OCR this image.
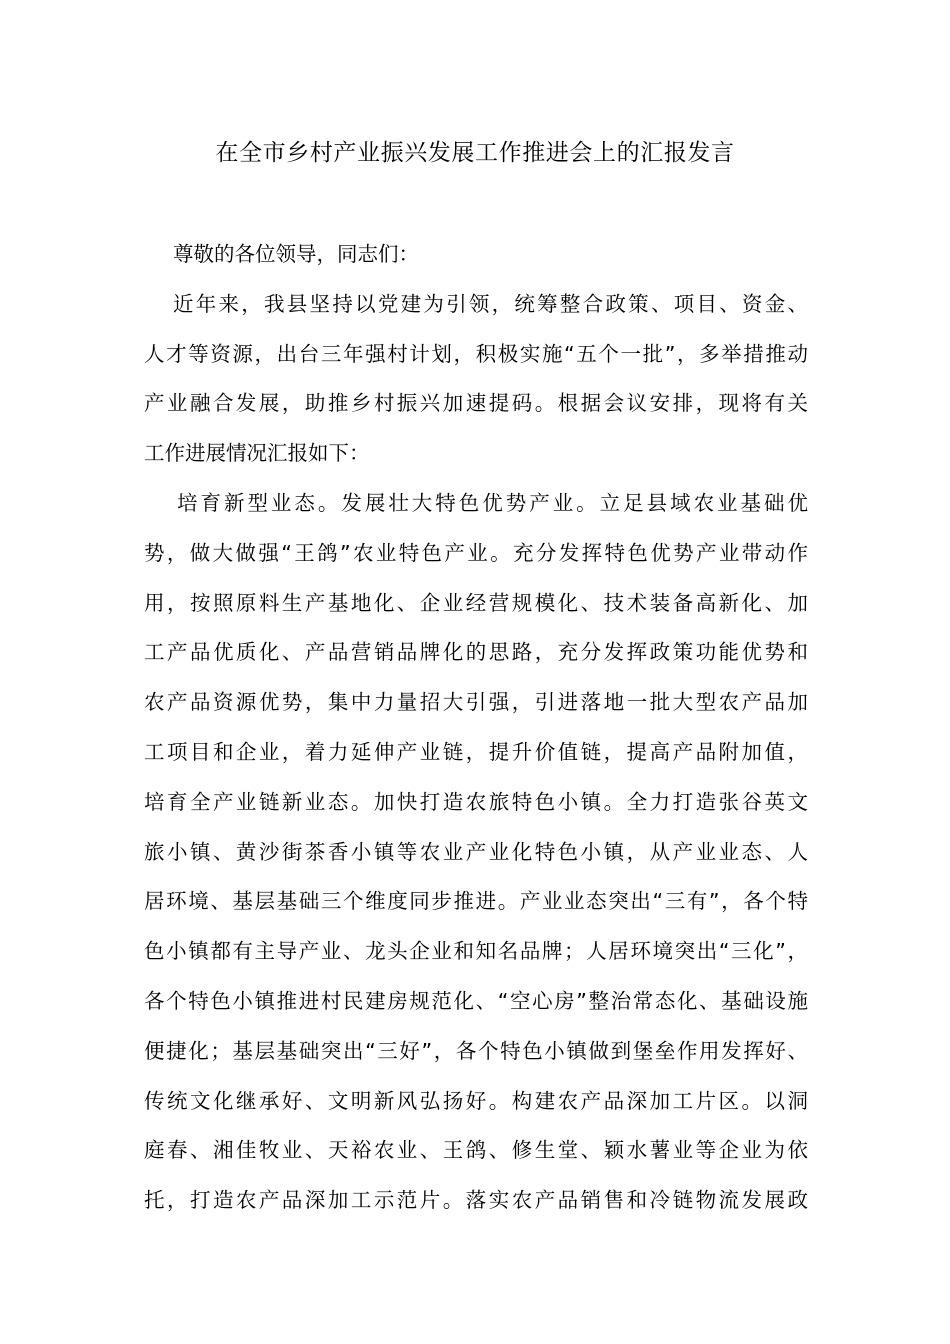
在全市乡村产业振兴发展工作推进会上的汇报发言
尊敬的各位领导，同志们：
近年来，我县坚持以党建为引领，统筹整合政策、项目、资金、
人才等资源，出台三年强村计划，积极实施“五个一批”，多举措推动
产业融合发展，助推乡村振兴加速提码。根据会议安排，现将有关
工作进展情况汇报如下：
培育新型业态。发展壮大特色优势产业。立足县域农业基础优
势，做大做强“王鸽”农业特色产业。充分发挥特色优势产业带动作
用，按照原料生产基地化、企业经营规模化、技术装备高新化、加
工产品优质化、产品营销品牌化的思路，充分发挥政策功能优势和
农产品资源优势，集中力量招大引强，引进落地一批大型农产品加
工项目和企业，着力延伸产业链，提升价值链，提高产品附加值，
培育全产业链新业态。加快打造农旅特色小镇。全力打造张谷英文
旅小镇、黄沙街茶香小镇等农业产业化特色小镇，从产业业态、人
居环境、基层基础三个维度同步推进。产业业态突出“三有”，各个特
色小镇都有主导产业、龙头企业和知名品牌；人居环境突出“三化”，
各个特色小镇推进村民建房规范化、“空心房”整治常态化、基础设施
便捷化；基层基础突出“三好”，各个特色小镇做到堡垒作用发挥好、
传统文化继承好、文明新风弘扬好。构建农产品深加工片区。以洞
庭春、湘佳牧业、天裕农业、王鸽、修生堂、颖水薯业等企业为依
托，打造农产品深加工示范片。落实农产品销售和冷链物流发展政
